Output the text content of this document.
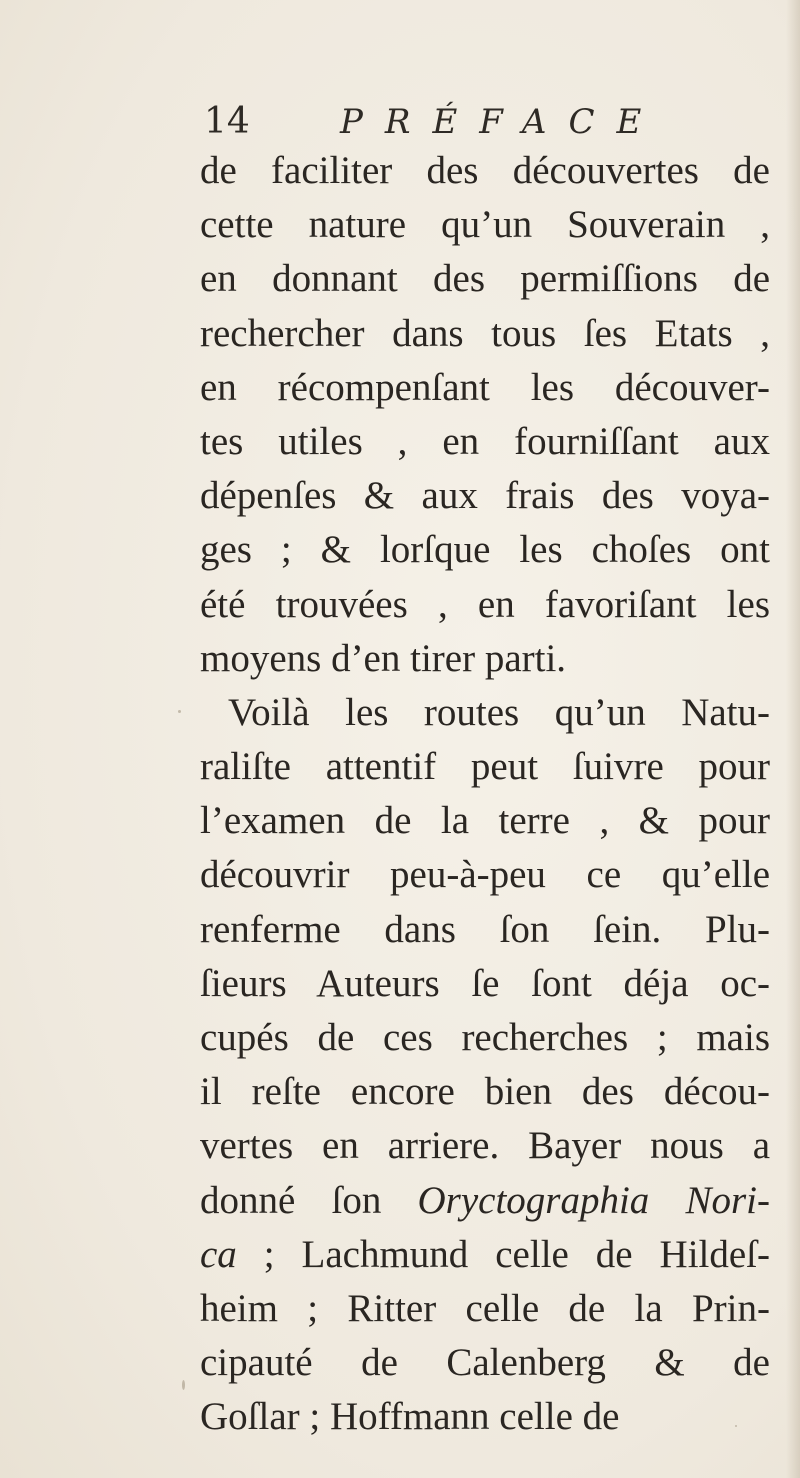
14	PRÉFACE
de faciliter des découvertes de
cette nature qu’un Souverain ,
en donnant des permiſſions de
rechercher dans tous ſes Etats ,
en récompenſant les découver-
tes utiles , en fourniſſant aux
dépenſes & aux frais des voya-
ges ; & lorſque les choſes ont
été trouvées , en favoriſant les
moyens d’en tirer parti.
Voilà les routes qu’un Natu-
raliſte attentif peut ſuivre pour
l’examen de la terre , & pour
découvrir peu-à-peu ce qu’elle
renferme dans ſon ſein. Plu-
ſieurs Auteurs ſe ſont déja oc-
cupés de ces recherches ; mais
il reſte encore bien des décou-
vertes en arriere. Bayer nous a
donné ſon Oryctographia Nori-
ca ; Lachmund celle de Hildeſ-
heim ; Ritter celle de la Prin-
cipauté de Calenberg & de
Goſlar ; Hoffmann celle de
